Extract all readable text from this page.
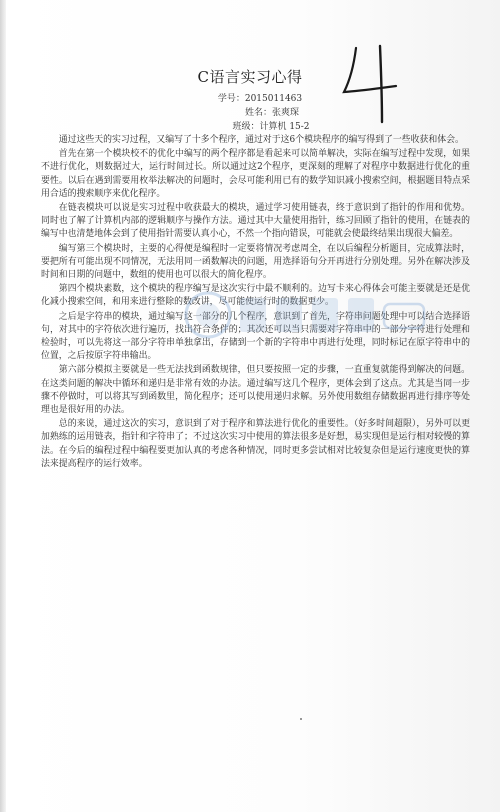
C语言实习心得
学号：2015011463
姓名：张爽琛
班级：计算机 15-2

通过这些天的实习过程，又编写了十多个程序，通过对于这6个模块程序的编写得到了一些收获和体会。

首先在第一个模块校不的优化中编写的两个程序都是看起来可以简单解决，实际在编写过程中发现，如果不进行优化，则数据过大，运行时间过长。所以通过这2个程序，更深刻的理解了对程序中数据进行优化的重要性。以后在遇到需要用枚举法解决的问题时，会尽可能利用已有的数学知识减小搜索空间，根据题目特点采用合适的搜索顺序来优化程序。

在链表模块可以说是实习过程中收获最大的模块，通过学习使用链表，终于意识到了指针的作用和优势。同时也了解了计算机内部的逻辑顺序与操作方法。通过其中大量使用指针，练习回顾了指针的使用，在链表的编写中也清楚地体会到了使用指针需要认真小心，不然一个指向错误，可能就会使最终结果出现很大偏差。

编写第三个模块时，主要的心得便是编程时一定要将情况考虑周全，在以后编程分析题目，完成算法时，要把所有可能出现不同情况，无法用同一函数解决的问题，用选择语句分开再进行分别处理。另外在解决涉及时间和日期的问题中，数组的使用也可以很大的简化程序。

第四个模块素数，这个模块的程序编写是这次实行中最不顺利的。边写卡来心得体会可能主要就是还是优化减小搜索空间，和用来进行整除的数改讲，尽可能使运行时的数据更少。

之后是字符串的模块，通过编写这一部分的几个程序，意识到了首先，字符串问题处理中可以结合选择语句，对其中的字符依次进行遍历，找出符合条件的；其次还可以当只需要对字符串中的一部分字符进行处理和检验时，可以先将这一部分字符串单独拿出，存储到一个新的字符串中再进行处理，同时标记在原字符串中的位置，之后按原字符串输出。

第六部分模拟主要就是一些无法找到函数规律，但只要按照一定的步骤，一直重复就能得到解决的问题。在这类问题的解决中循环和递归是非常有效的办法。通过编写这几个程序，更体会到了这点。尤其是当同一步骤不停做时，可以将其写到函数里，简化程序；还可以使用递归求解。另外使用数组存储数据再进行排序等处理也是很好用的办法。

总的来说，通过这次的实习，意识到了对于程序和算法进行优化的重要性。（好多时间超限），另外可以更加熟练的运用链表，指针和字符串了；不过这次实习中使用的算法很多是好想，易实现但是运行相对较慢的算法。在今后的编程过程中编程要更加认真的考虑各种情况，同时更多尝试相对比较复杂但是运行速度更快的算法来提高程序的运行效率。
